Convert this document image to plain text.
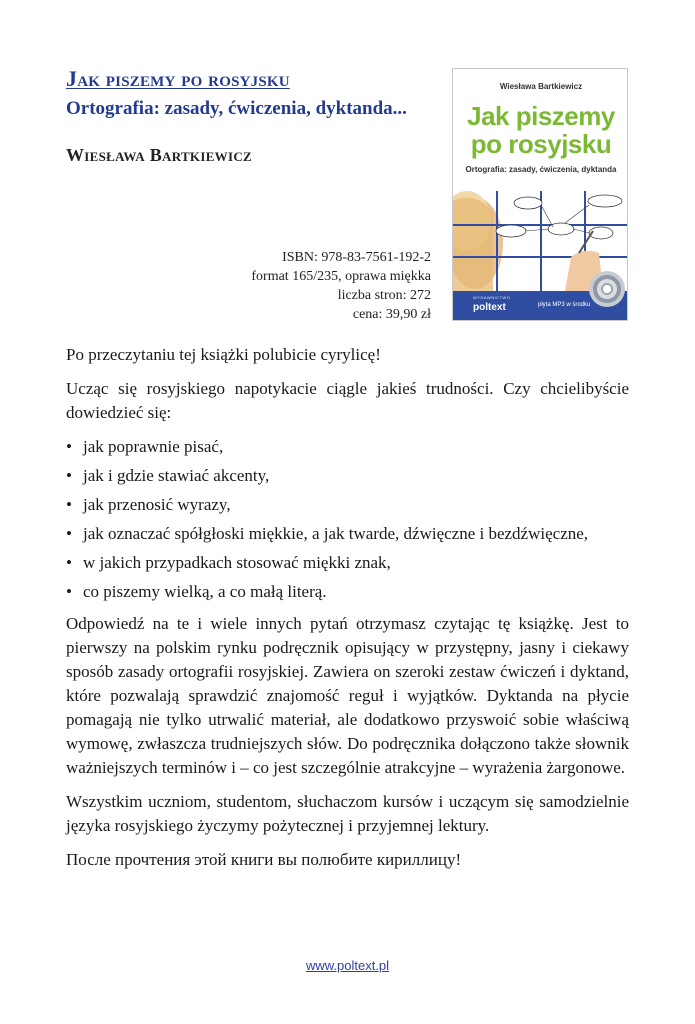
Jak piszemy po rosyjsku
Ortografia: zasady, ćwiczenia, dyktanda...
Wiesława Bartkiewicz
ISBN: 978-83-7561-192-2
format 165/235, oprawa miękka
liczba stron: 272
cena: 39,90 zł
Wiesława Bartkiewicz
Jak piszemy
po rosyjsku
Ortografia: zasady, ćwiczenia, dyktanda
WYDAWNICTWO
poltext	płyta MP3 w środku

Po przeczytaniu tej książki polubicie cyrylicę!

Ucząc się rosyjskiego napotykacie ciągle jakieś trudności. Czy chcielibyście dowiedzieć się:

• jak poprawnie pisać,
• jak i gdzie stawiać akcenty,
• jak przenosić wyrazy,
• jak oznaczać spółgłoski miękkie, a jak twarde, dźwięczne i bezdźwięczne,
• w jakich przypadkach stosować miękki znak,
• co piszemy wielką, a co małą literą.

Odpowiedź na te i wiele innych pytań otrzymasz czytając tę książkę. Jest to pierwszy na polskim rynku podręcznik opisujący w przystępny, jasny i ciekawy sposób zasady ortografii rosyjskiej. Zawiera on szeroki zestaw ćwiczeń i dyktand, które pozwalają sprawdzić znajomość reguł i wyjątków. Dyktanda na płycie pomagają nie tylko utrwalić materiał, ale dodatkowo przyswoić sobie właściwą wymowę, zwłaszcza trudniejszych słów. Do podręcznika dołączono także słownik ważniejszych terminów i – co jest szczególnie atrakcyjne – wyrażenia żargonowe.

Wszystkim uczniom, studentom, słuchaczom kursów i uczącym się samodzielnie języka rosyjskiego życzymy pożytecznej i przyjemnej lektury.

После прочтения этой книги вы полюбите кириллицу!

www.poltext.pl
